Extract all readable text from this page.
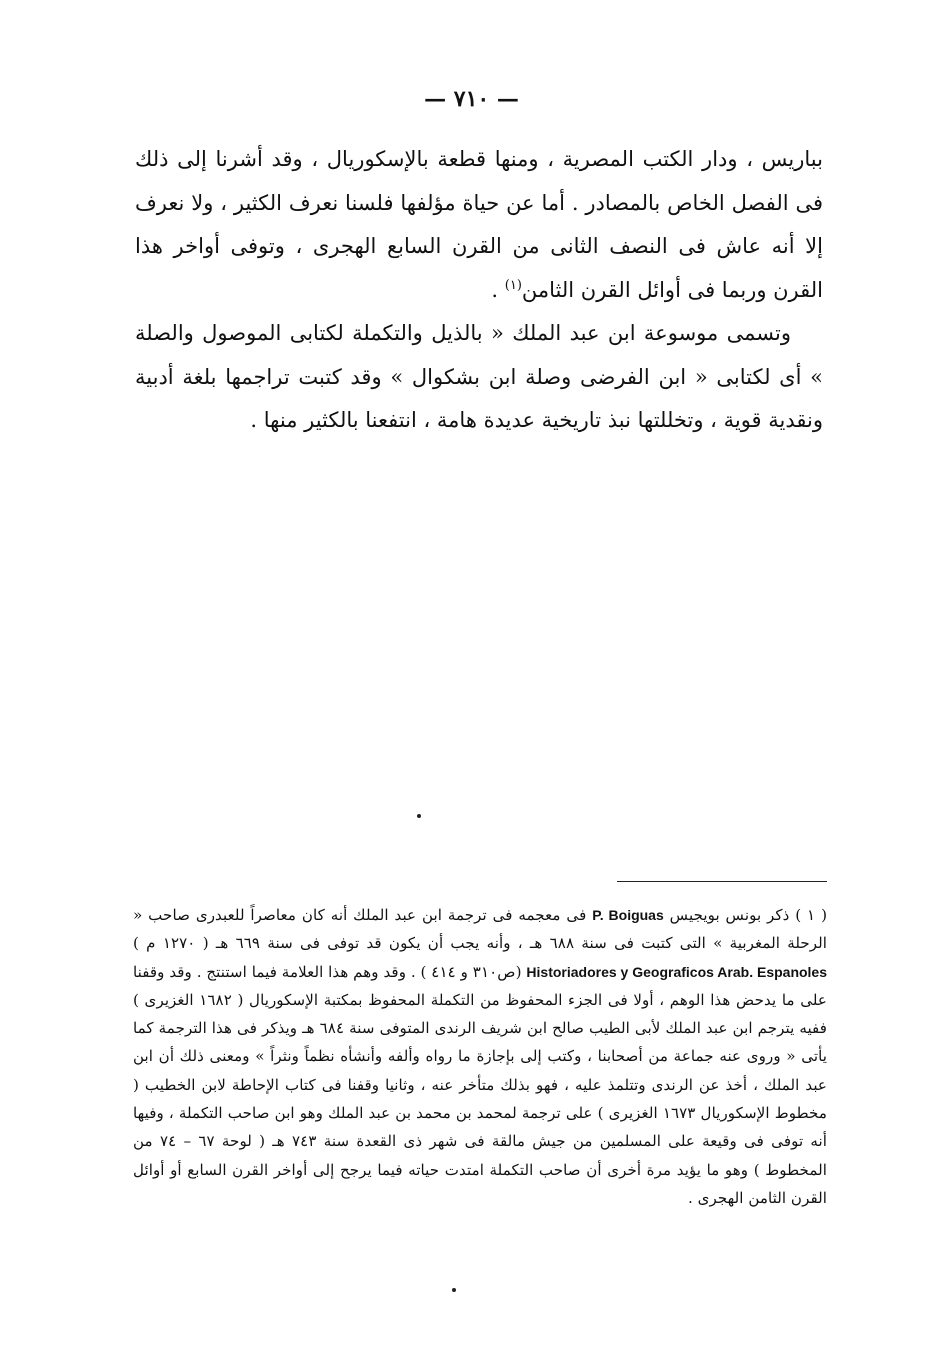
— ٧١٠ —

بباريس ، ودار الكتب المصرية ، ومنها قطعة بالإسكوريال ، وقد أشرنا إلى ذلك فى الفصل الخاص بالمصادر . أما عن حياة مؤلفها فلسنا نعرف الكثير ، ولا نعرف إلا أنه عاش فى النصف الثانى من القرن السابع الهجرى ، وتوفى أواخر هذا القرن وربما فى أوائل القرن الثامن$^{(١)}$ .

وتسمى موسوعة ابن عبد الملك « بالذيل والتكملة لكتابى الموصول والصلة » أى لكتابى « ابن الفرضى وصلة ابن بشكوال » وقد كتبت تراجمها بلغة أدبية ونقدية قوية ، وتخللتها نبذ تاريخية عديدة هامة ، انتفعنا بالكثير منها .

( ١ ) ذكر بونس بويجيس P. Boiguas فى معجمه فى ترجمة ابن عبد الملك أنه كان معاصراً للعبدرى صاحب « الرحلة المغربية » التى كتبت فى سنة ٦٨٨ هـ ، وأنه يجب أن يكون قد توفى فى سنة ٦٦٩ هـ ( ١٢٧٠ م ) Historiadores y Geograficos Arab. Espanoles (ص٣١٠ و ٤١٤ ) . وقد وهم هذا العلامة فيما استنتج . وقد وقفنا على ما يدحض هذا الوهم ، أولا فى الجزء المحفوظ من التكملة المحفوظ بمكتبة الإسكوريال ( ١٦٨٢ الغزيرى ) ففيه يترجم ابن عبد الملك لأبى الطيب صالح ابن شريف الرندى المتوفى سنة ٦٨٤ هـ ويذكر فى هذا الترجمة كما يأتى « وروى عنه جماعة من أصحابنا ، وكتب إلى بإجازة ما رواه وألفه وأنشأه نظماً ونثراً » ومعنى ذلك أن ابن عبد الملك ، أخذ عن الرندى وتتلمذ عليه ، فهو بذلك متأخر عنه ، وثانيا وقفنا فى كتاب الإحاطة لابن الخطيب ( مخطوط الإسكوريال ١٦٧٣ الغزيرى ) على ترجمة لمحمد بن محمد بن عبد الملك وهو ابن صاحب التكملة ، وفيها أنه توفى فى وقيعة على المسلمين من جيش مالقة فى شهر ذى القعدة سنة ٧٤٣ هـ ( لوحة ٦٧ – ٧٤ من المخطوط ) وهو ما يؤيد مرة أخرى أن صاحب التكملة امتدت حياته فيما يرجح إلى أواخر القرن السابع أو أوائل القرن الثامن الهجرى .
